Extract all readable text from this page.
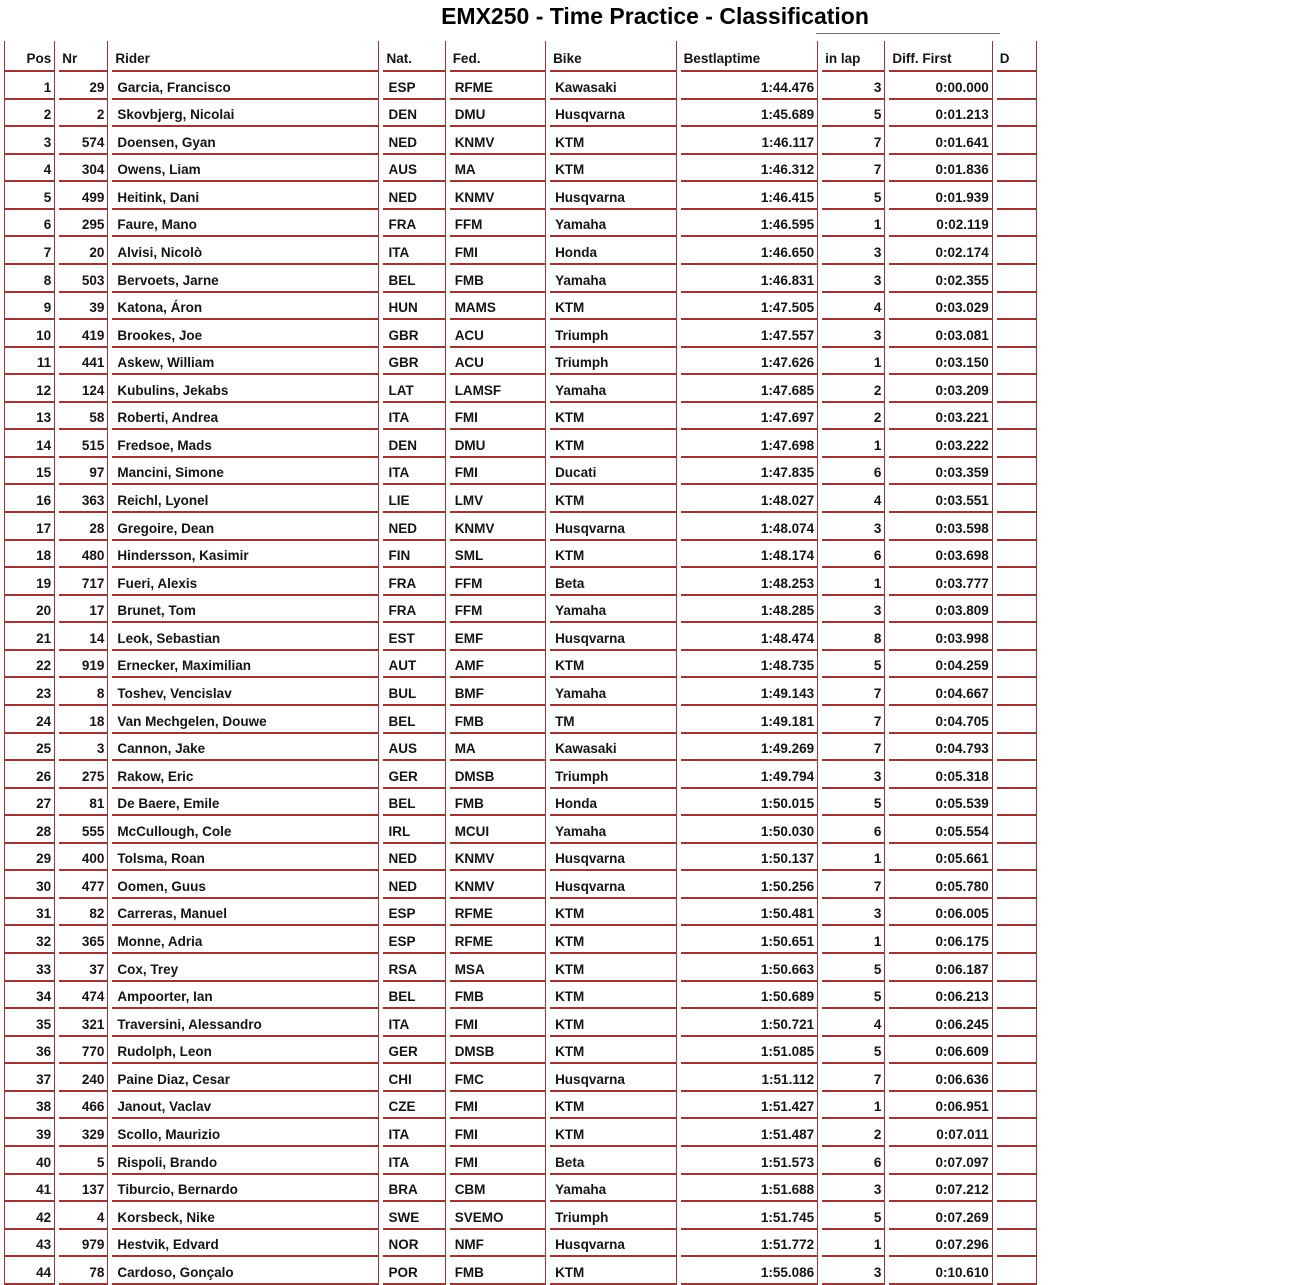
EMX250 - Time Practice - Classification
Pos	Nr	Rider	Nat.	Fed.	Bike	Bestlaptime	in lap	Diff. First	D
1	29	Garcia, Francisco	ESP	RFME	Kawasaki	1:44.476	3	0:00.000	
2	2	Skovbjerg, Nicolai	DEN	DMU	Husqvarna	1:45.689	5	0:01.213	
3	574	Doensen, Gyan	NED	KNMV	KTM	1:46.117	7	0:01.641	
4	304	Owens, Liam	AUS	MA	KTM	1:46.312	7	0:01.836	
5	499	Heitink, Dani	NED	KNMV	Husqvarna	1:46.415	5	0:01.939	
6	295	Faure, Mano	FRA	FFM	Yamaha	1:46.595	1	0:02.119	
7	20	Alvisi, Nicolò	ITA	FMI	Honda	1:46.650	3	0:02.174	
8	503	Bervoets, Jarne	BEL	FMB	Yamaha	1:46.831	3	0:02.355	
9	39	Katona, Áron	HUN	MAMS	KTM	1:47.505	4	0:03.029	
10	419	Brookes, Joe	GBR	ACU	Triumph	1:47.557	3	0:03.081	
11	441	Askew, William	GBR	ACU	Triumph	1:47.626	1	0:03.150	
12	124	Kubulins, Jekabs	LAT	LAMSF	Yamaha	1:47.685	2	0:03.209	
13	58	Roberti, Andrea	ITA	FMI	KTM	1:47.697	2	0:03.221	
14	515	Fredsoe, Mads	DEN	DMU	KTM	1:47.698	1	0:03.222	
15	97	Mancini, Simone	ITA	FMI	Ducati	1:47.835	6	0:03.359	
16	363	Reichl, Lyonel	LIE	LMV	KTM	1:48.027	4	0:03.551	
17	28	Gregoire, Dean	NED	KNMV	Husqvarna	1:48.074	3	0:03.598	
18	480	Hindersson, Kasimir	FIN	SML	KTM	1:48.174	6	0:03.698	
19	717	Fueri, Alexis	FRA	FFM	Beta	1:48.253	1	0:03.777	
20	17	Brunet, Tom	FRA	FFM	Yamaha	1:48.285	3	0:03.809	
21	14	Leok, Sebastian	EST	EMF	Husqvarna	1:48.474	8	0:03.998	
22	919	Ernecker, Maximilian	AUT	AMF	KTM	1:48.735	5	0:04.259	
23	8	Toshev, Vencislav	BUL	BMF	Yamaha	1:49.143	7	0:04.667	
24	18	Van Mechgelen, Douwe	BEL	FMB	TM	1:49.181	7	0:04.705	
25	3	Cannon, Jake	AUS	MA	Kawasaki	1:49.269	7	0:04.793	
26	275	Rakow, Eric	GER	DMSB	Triumph	1:49.794	3	0:05.318	
27	81	De Baere, Emile	BEL	FMB	Honda	1:50.015	5	0:05.539	
28	555	McCullough, Cole	IRL	MCUI	Yamaha	1:50.030	6	0:05.554	
29	400	Tolsma, Roan	NED	KNMV	Husqvarna	1:50.137	1	0:05.661	
30	477	Oomen, Guus	NED	KNMV	Husqvarna	1:50.256	7	0:05.780	
31	82	Carreras, Manuel	ESP	RFME	KTM	1:50.481	3	0:06.005	
32	365	Monne, Adria	ESP	RFME	KTM	1:50.651	1	0:06.175	
33	37	Cox, Trey	RSA	MSA	KTM	1:50.663	5	0:06.187	
34	474	Ampoorter, Ian	BEL	FMB	KTM	1:50.689	5	0:06.213	
35	321	Traversini, Alessandro	ITA	FMI	KTM	1:50.721	4	0:06.245	
36	770	Rudolph, Leon	GER	DMSB	KTM	1:51.085	5	0:06.609	
37	240	Paine Diaz, Cesar	CHI	FMC	Husqvarna	1:51.112	7	0:06.636	
38	466	Janout, Vaclav	CZE	FMI	KTM	1:51.427	1	0:06.951	
39	329	Scollo, Maurizio	ITA	FMI	KTM	1:51.487	2	0:07.011	
40	5	Rispoli, Brando	ITA	FMI	Beta	1:51.573	6	0:07.097	
41	137	Tiburcio, Bernardo	BRA	CBM	Yamaha	1:51.688	3	0:07.212	
42	4	Korsbeck, Nike	SWE	SVEMO	Triumph	1:51.745	5	0:07.269	
43	979	Hestvik, Edvard	NOR	NMF	Husqvarna	1:51.772	1	0:07.296	
44	78	Cardoso, Gonçalo	POR	FMB	KTM	1:55.086	3	0:10.610	
